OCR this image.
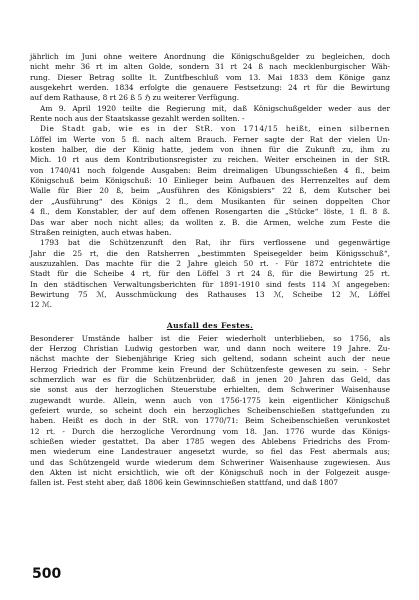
jährlich im Juni ohne weitere Anordnung die Königschußgelder zu begleichen, doch
nicht mehr 36 rt im alten Golde, sondern 31 rt 24 ß nach mecklenburgischer Wäh-
rung. Dieser Betrag sollte lt. Zuntfbeschluß vom 13. Mai 1833 dem Könige ganz
ausgekehrt werden. 1834 erfolgte die genauere Festsetzung: 24 rt für die Bewirtung
auf dem Rathause, 8 rt 26 ß 5 ℌ zu weiterer Verfügung.
Am 9. April 1920 teilte die Regierung mit, daß Königschußgelder weder aus der
Rente noch aus der Staatskasse gezahlt werden sollten. -
Die Stadt gab, wie es in der StR. von 1714/15 heißt, einen silbernen
Löffel im Werte von 5 fl. nach altem Brauch. Ferner sagte der Rat der vielen Un-
kosten halber, die der König hatte, jedem von ihnen für die Zukunft zu, ihm zu
Mich. 10 rt aus dem Kontributionsregister zu reichen. Weiter erscheinen in der StR.
von 1740/41 noch folgende Ausgaben: Beim dreimaligen Ubungsschießen 4 fl., beim
Königschuß beim Königschuß: 10 Einlieger beim Aufbauen des Herrenzeltes auf dem
Walle für Bier 20 ß, beim „Ausführen des Königsbiers“ 22 ß, dem Kutscher bei
der „Ausführung“ des Königs 2 fl., dem Musikanten für seinen doppelten Chor
4 fl., dem Konstabler, der auf dem offenen Rosengarten die „Stücke“ löste, 1 fl. 8 ß.
Das war aber noch nicht alles; da wollten z. B. die Armen, welche zum Feste die
Straßen reinigten, auch etwas haben.
1793 bat die Schützenzunft den Rat, ihr fürs verflossene und gegenwärtige
Jahr die 25 rt, die den Ratsherren „bestimmten Speisegelder beim Königsschuß“,
auszuzahlen. Das machte für die 2 Jahre gleich 50 rt. - Für 1872 entrichtete die
Stadt für die Scheibe 4 rt, für den Löffel 3 rt 24 ß, für die Bewirtung 25 rt.
In den städtischen Verwaltungsberichten für 1891-1910 sind fests 114 ℳ angegeben:
Bewirtung 75 ℳ, Ausschmückung des Rathauses 13 ℳ, Scheibe 12 ℳ, Löffel
12 ℳ.
Ausfall des Festes.
Besonderer Umstände halber ist die Feier wiederholt unterblieben, so 1756, als
der Herzog Christian Ludwig gestorben war, und dann noch weitere 19 Jahre. Zu-
nächst machte der Siebenjährige Krieg sich geltend, sodann scheint auch der neue
Herzog Friedrich der Fromme kein Freund der Schützenfeste gewesen zu sein. - Sehr
schmerzlich war es für die Schützenbrüder, daß in jenen 20 Jahren das Geld, das
sie sonst aus der herzoglichen Steuerstube erhielten, dem Schweriner Waisenhause
zugewandt wurde. Allein, wenn auch von 1756-1775 kein eigentlicher Königschuß
gefeiert wurde, so scheint doch ein herzogliches Scheibenschießen stattgefunden zu
haben. Heißt es doch in der StR. von 1770/71: Beim Scheibenschießen verunkostet
12 rt. - Durch die herzogliche Verordnung vom 18. Jan. 1776 wurde das Königs-
schießen wieder gestattet. Da aber 1785 wegen des Ablebens Friedrichs des From-
men wiederum eine Landestrauer angesetzt wurde, so fiel das Fest abermals aus;
und das Schützengeld wurde wiederum dem Schweriner Waisenhause zugewiesen. Aus
den Akten ist nicht ersichtlich, wie oft der Königschuß noch in der Folgezeit ausge-
fallen ist. Fest steht aber, daß 1806 kein Gewinnschießen stattfand, und daß 1807
500
